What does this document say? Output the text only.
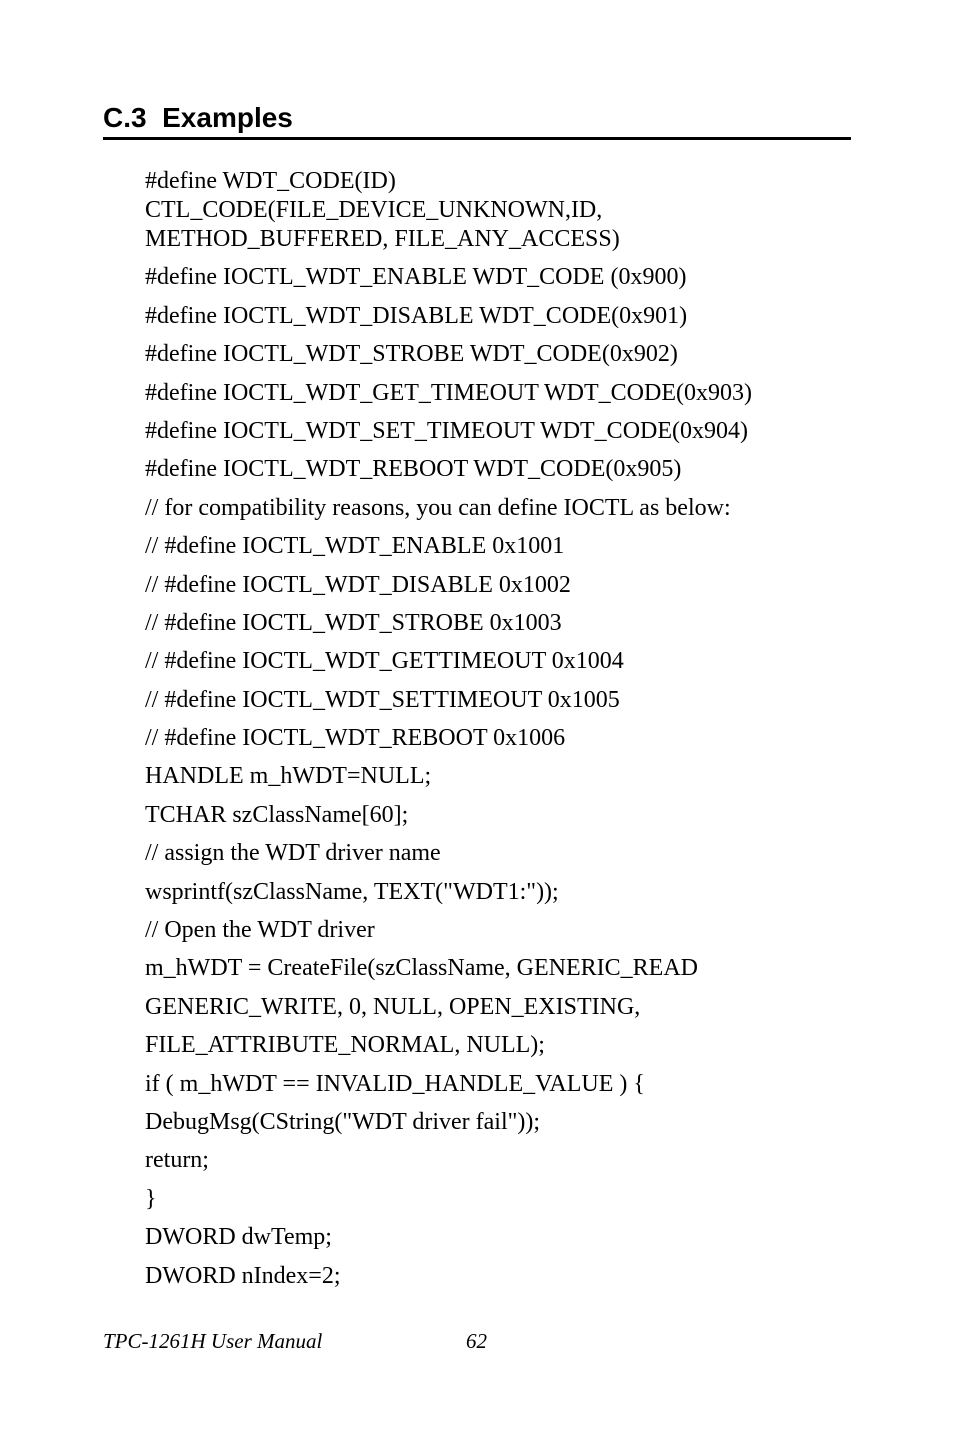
C.3  Examples
#define WDT_CODE(ID)
CTL_CODE(FILE_DEVICE_UNKNOWN,ID,
METHOD_BUFFERED, FILE_ANY_ACCESS)
#define IOCTL_WDT_ENABLE WDT_CODE (0x900)
#define IOCTL_WDT_DISABLE WDT_CODE(0x901)
#define IOCTL_WDT_STROBE WDT_CODE(0x902)
#define IOCTL_WDT_GET_TIMEOUT WDT_CODE(0x903)
#define IOCTL_WDT_SET_TIMEOUT WDT_CODE(0x904)
#define IOCTL_WDT_REBOOT WDT_CODE(0x905)
// for compatibility reasons, you can define IOCTL as below:
// #define IOCTL_WDT_ENABLE 0x1001
// #define IOCTL_WDT_DISABLE 0x1002
// #define IOCTL_WDT_STROBE 0x1003
// #define IOCTL_WDT_GETTIMEOUT 0x1004
// #define IOCTL_WDT_SETTIMEOUT 0x1005
// #define IOCTL_WDT_REBOOT 0x1006
HANDLE m_hWDT=NULL;
TCHAR szClassName[60];
// assign the WDT driver name
wsprintf(szClassName, TEXT("WDT1:"));
// Open the WDT driver
m_hWDT = CreateFile(szClassName, GENERIC_READ
GENERIC_WRITE, 0, NULL, OPEN_EXISTING,
FILE_ATTRIBUTE_NORMAL, NULL);
if ( m_hWDT == INVALID_HANDLE_VALUE ) {
DebugMsg(CString("WDT driver fail"));
return;
}
DWORD dwTemp;
DWORD nIndex=2;
TPC-1261H User Manual	62
